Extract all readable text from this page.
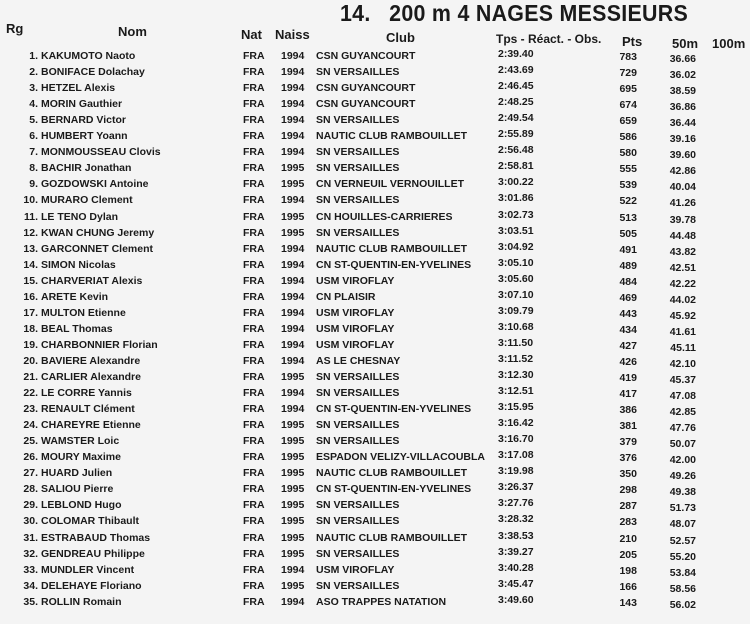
14. 200 m 4 NAGES MESSIEURS
Rg	Nom	Nat Naiss	Club	Tps - Réact. - Obs. Pts 50m 100m
1. KAKUMOTO Naoto	FRA 1994 CSN GUYANCOURT	2:39.40	783	36.66
2. BONIFACE Dolachay	FRA 1994 SN VERSAILLES	2:43.69	729	36.02
3. HETZEL Alexis	FRA 1994 CSN GUYANCOURT	2:46.45	695	38.59
4. MORIN Gauthier	FRA 1994 CSN GUYANCOURT	2:48.25	674	36.86
5. BERNARD Victor	FRA 1994 SN VERSAILLES	2:49.54	659	36.44
6. HUMBERT Yoann	FRA 1994 NAUTIC CLUB RAMBOUILLET	2:55.89	586	39.16
7. MONMOUSSEAU Clovis	FRA 1994 SN VERSAILLES	2:56.48	580	39.60
8. BACHIR Jonathan	FRA 1995 SN VERSAILLES	2:58.81	555	42.86
9. GOZDOWSKI Antoine	FRA 1995 CN VERNEUIL VERNOUILLET	3:00.22	539	40.04
10. MURARO Clement	FRA 1994 SN VERSAILLES	3:01.86	522	41.26
11. LE TENO Dylan	FRA 1995 CN HOUILLES-CARRIERES	3:02.73	513	39.78
12. KWAN CHUNG Jeremy	FRA 1995 SN VERSAILLES	3:03.51	505	44.48
13. GARCONNET Clement	FRA 1994 NAUTIC CLUB RAMBOUILLET	3:04.92	491	43.82
14. SIMON Nicolas	FRA 1994 CN ST-QUENTIN-EN-YVELINES	3:05.10	489	42.51
15. CHARVERIAT Alexis	FRA 1994 USM VIROFLAY	3:05.60	484	42.22
16. ARETE Kevin	FRA 1994 CN PLAISIR	3:07.10	469	44.02
17. MULTON Etienne	FRA 1994 USM VIROFLAY	3:09.79	443	45.92
18. BEAL Thomas	FRA 1994 USM VIROFLAY	3:10.68	434	41.61
19. CHARBONNIER Florian	FRA 1994 USM VIROFLAY	3:11.50	427	45.11
20. BAVIERE Alexandre	FRA 1994 AS LE CHESNAY	3:11.52	426	42.10
21. CARLIER Alexandre	FRA 1995 SN VERSAILLES	3:12.30	419	45.37
22. LE CORRE Yannis	FRA 1994 SN VERSAILLES	3:12.51	417	47.08
23. RENAULT Clément	FRA 1994 CN ST-QUENTIN-EN-YVELINES	3:15.95	386	42.85
24. CHAREYRE Etienne	FRA 1995 SN VERSAILLES	3:16.42	381	47.76
25. WAMSTER Loic	FRA 1995 SN VERSAILLES	3:16.70	379	50.07
26. MOURY Maxime	FRA 1995 ESPADON VELIZY-VILLACOUBLA 3:17.08	376	42.00
27. HUARD Julien	FRA 1995 NAUTIC CLUB RAMBOUILLET	3:19.98	350	49.26
28. SALIOU Pierre	FRA 1995 CN ST-QUENTIN-EN-YVELINES	3:26.37	298	49.38
29. LEBLOND Hugo	FRA 1995 SN VERSAILLES	3:27.76	287	51.73
30. COLOMAR Thibault	FRA 1995 SN VERSAILLES	3:28.32	283	48.07
31. ESTRABAUD Thomas	FRA 1995 NAUTIC CLUB RAMBOUILLET	3:38.53	210	52.57
32. GENDREAU Philippe	FRA 1995 SN VERSAILLES	3:39.27	205	55.20
33. MUNDLER Vincent	FRA 1994 USM VIROFLAY	3:40.28	198	53.84
34. DELEHAYE Floriano	FRA 1995 SN VERSAILLES	3:45.47	166	58.56
35. ROLLIN Romain	FRA 1994 ASO TRAPPES NATATION	3:49.60	143	56.02
